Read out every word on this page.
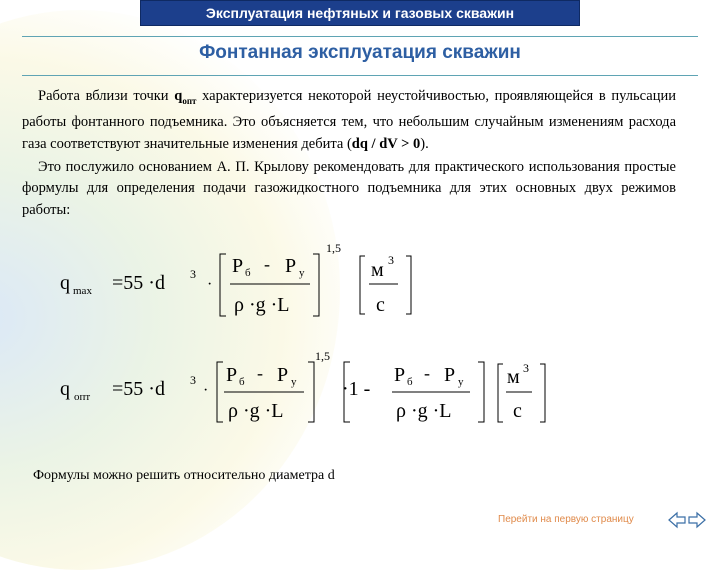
Эксплуатация нефтяных и газовых скважин
Фонтанная эксплуатация скважин

Работа вблизи точки $q_{опт}$ характеризуется некоторой неустойчивостью, проявляющейся в пульсации работы фонтанного подъемника. Это объясняется тем, что небольшим случайным изменениям расхода газа соответствуют значительные изменения дебита (dq / dV > 0).

Это послужило основанием А. П. Крылову рекомендовать для практического использования простые формулы для определения подачи газожидкостного подъемника для этих основных двух режимов работы:

q max =55 ·d 3
·
P б - P у
ρ ·g ·L
1,5
м 3
с
q опт =55 ·d 3
·
P б - P у
ρ ·g ·L
1,5
·1 -
P б - P у
ρ ·g ·L
м 3
с
Формулы можно решить относительно диаметра d
Перейти на первую страницу
